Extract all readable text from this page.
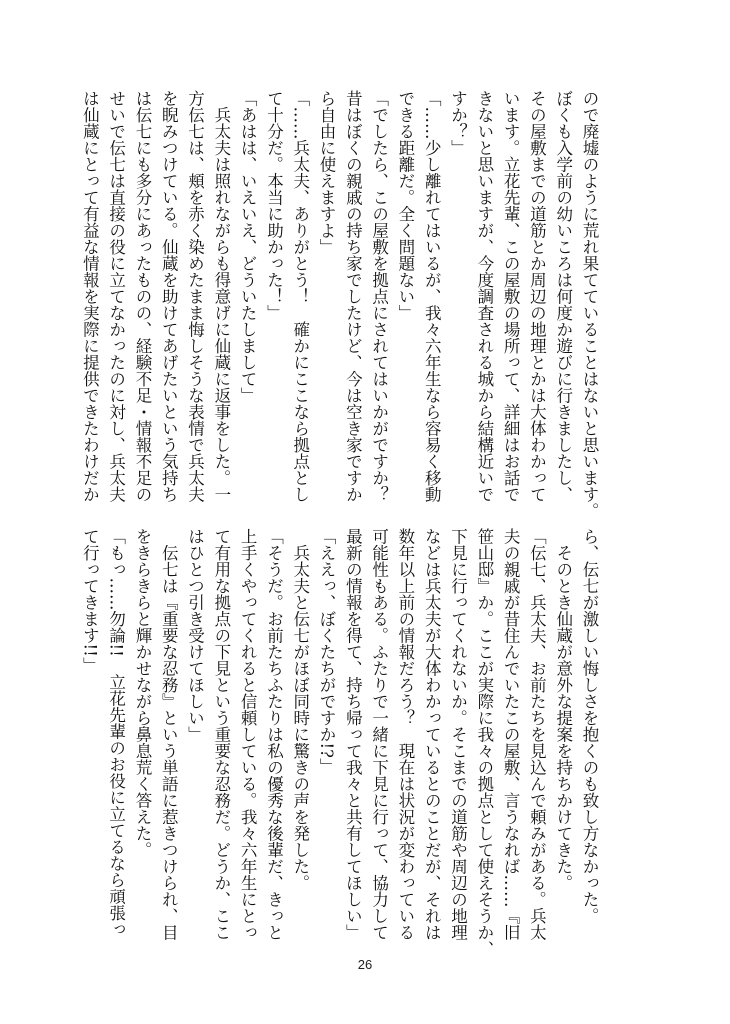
ので廃墟のように荒れ果てていることはないと思います。

ぼくも入学前の幼いころは何度か遊びに行きましたし、

その屋敷までの道筋とか周辺の地理とかは大体わかって

います。立花先輩、この屋敷の場所って、詳細はお話で

きないと思いますが、今度調査される城から結構近いで

すか？」

「……少し離れてはいるが、我々六年生なら容易く移動

できる距離だ。全く問題ない」

「でしたら、この屋敷を拠点にされてはいかがですか？

昔はぼくの親戚の持ち家でしたけど、今は空き家ですか

ら自由に使えますよ」

「……兵太夫、ありがとう！　確かにここなら拠点とし

て十分だ。本当に助かった！」

「あはは、いえいえ、どういたしまして」

　兵太夫は照れながらも得意げに仙蔵に返事をした。一

方伝七は、頬を赤く染めたまま悔しそうな表情で兵太夫

を睨みつけている。仙蔵を助けてあげたいという気持ち

は伝七にも多分にあったものの、経験不足・情報不足の

せいで伝七は直接の役に立てなかったのに対し、兵太夫

は仙蔵にとって有益な情報を実際に提供できたわけだか

ら、伝七が激しい悔しさを抱くのも致し方なかった。

　そのとき仙蔵が意外な提案を持ちかけてきた。

「伝七、兵太夫、お前たちを見込んで頼みがある。兵太

夫の親戚が昔住んでいたこの屋敷、言うなれば……『旧

笹山邸』か。ここが実際に我々の拠点として使えそうか、

下見に行ってくれないか。そこまでの道筋や周辺の地理

などは兵太夫が大体わかっているとのことだが、それは

数年以上前の情報だろう？　現在は状況が変わっている

可能性もある。ふたりで一緒に下見に行って、協力して

最新の情報を得て、持ち帰って我々と共有してほしい」

「ええっ、ぼくたちがですか!?」

　兵太夫と伝七がほぼ同時に驚きの声を発した。

「そうだ。お前たちふたりは私の優秀な後輩だ、きっと

上手くやってくれると信頼している。我々六年生にとっ

て有用な拠点の下見という重要な忍務だ。どうか、ここ

はひとつ引き受けてほしい」

　伝七は『重要な忍務』という単語に惹きつけられ、目

をきらきらと輝かせながら鼻息荒く答えた。

「もっ……勿論!!　立花先輩のお役に立てるなら頑張っ

て行ってきます!!」

26
